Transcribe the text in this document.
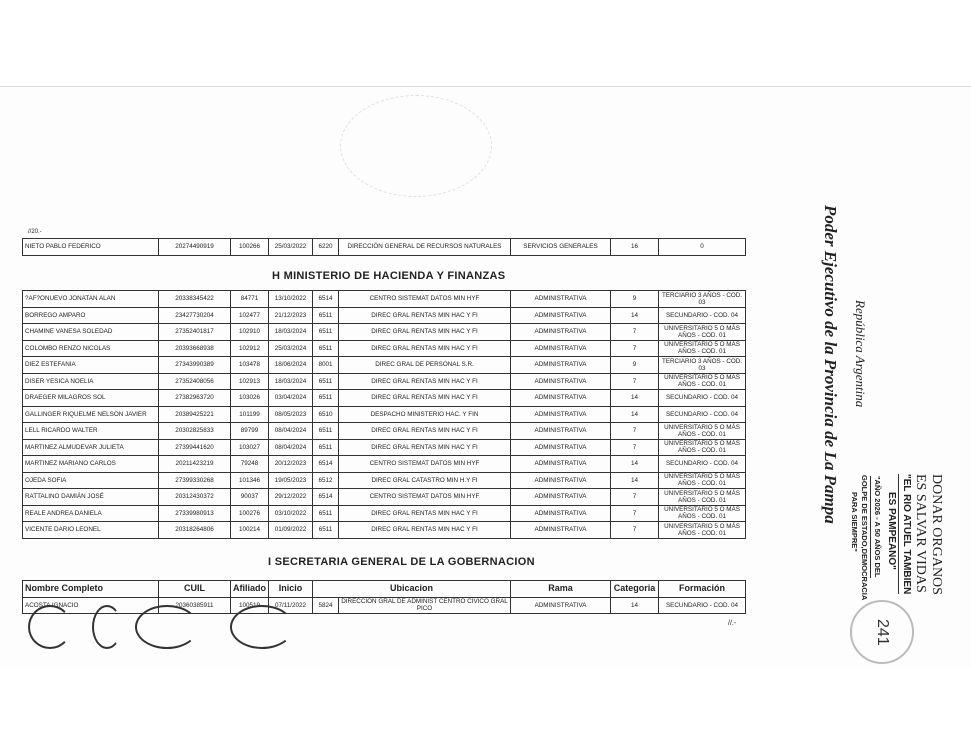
//20.-
NIETO PABLO FEDERICO	20274490919	100266	25/03/2022	6220	DIRECCIÓN GENERAL DE RECURSOS NATURALES	SERVICIOS GENERALES	16	0
H MINISTERIO DE HACIENDA Y FINANZAS
?AF?ONUEVO JONATAN ALAN	20338345422	84771	13/10/2022	6514	CENTRO SISTEMAT DATOS MIN HYF	ADMINISTRATIVA	9	TERCIARIO 3 AÑOS - COD. 03
BORREGO AMPARO	23427730204	102477	21/12/2023	6511	DIREC GRAL RENTAS MIN HAC Y FI	ADMINISTRATIVA	14	SECUNDARIO - COD. 04
CHAMINE VANESA SOLEDAD	27352401817	102910	18/03/2024	6511	DIREC GRAL RENTAS MIN HAC Y FI	ADMINISTRATIVA	7	UNIVERSITARIO 5 O MÁS AÑOS - COD. 01
COLOMBO RENZO NICOLAS	20393668938	102912	25/03/2024	6511	DIREC GRAL RENTAS MIN HAC Y FI	ADMINISTRATIVA	7	UNIVERSITARIO 5 O MÁS AÑOS - COD. 01
DIEZ ESTEFANIA	27343990389	103478	18/06/2024	8001	DIREC GRAL DE PERSONAL S.R.	ADMINISTRATIVA	9	TERCIARIO 3 AÑOS - COD. 03
DISER YESICA NOELIA	27352408056	102913	18/03/2024	6511	DIREC GRAL RENTAS MIN HAC Y FI	ADMINISTRATIVA	7	UNIVERSITARIO 5 O MÁS AÑOS - COD. 01
DRAEGER MILAGROS SOL	27382963720	103026	03/04/2024	6511	DIREC GRAL RENTAS MIN HAC Y FI	ADMINISTRATIVA	14	SECUNDARIO - COD. 04
GALLINGER RIQUELME NELSON JAVIER	20389425221	101199	08/05/2023	6510	DESPACHO MINISTERIO HAC. Y FIN	ADMINISTRATIVA	14	SECUNDARIO - COD. 04
LELL RICARDO WALTER	20302825833	89799	08/04/2024	6511	DIREC GRAL RENTAS MIN HAC Y FI	ADMINISTRATIVA	7	UNIVERSITARIO 5 O MÁS AÑOS - COD. 01
MARTINEZ ALMUDEVAR JULIETA	27399441620	103027	08/04/2024	6511	DIREC GRAL RENTAS MIN HAC Y FI	ADMINISTRATIVA	7	UNIVERSITARIO 5 O MÁS AÑOS - COD. 01
MARTINEZ MARIANO CARLOS	20211423219	79248	20/12/2023	6514	CENTRO SISTEMAT DATOS MIN HYF	ADMINISTRATIVA	14	SECUNDARIO - COD. 04
OJEDA SOFIA	27399330268	101346	19/05/2023	6512	DIREC GRAL CATASTRO MIN H.Y FI	ADMINISTRATIVA	14	UNIVERSITARIO 5 O MÁS AÑOS - COD. 01
RATTALINO DAMIÁN JOSÉ	20312430372	90037	29/12/2022	6514	CENTRO SISTEMAT DATOS MIN HYF	ADMINISTRATIVA	7	UNIVERSITARIO 5 O MÁS AÑOS - COD. 01
REALE ANDREA DANIELA	27339980913	100276	03/10/2022	6511	DIREC GRAL RENTAS MIN HAC Y FI	ADMINISTRATIVA	7	UNIVERSITARIO 5 O MÁS AÑOS - COD. 01
VICENTE DARIO LEONEL	20318264806	100214	01/09/2022	6511	DIREC GRAL RENTAS MIN HAC Y FI	ADMINISTRATIVA	7	UNIVERSITARIO 5 O MÁS AÑOS - COD. 01
I SECRETARIA GENERAL DE LA GOBERNACION
Nombre Completo	CUIL	Afiliado	Inicio	Ubicacion		Rama	Categoria	Formación
ACOSTA IGNACIO	20360385911	100519	07/11/2022	5824	DIRECCION GRAL DE ADMINIST CENTRO CIVICO GRAL PICO	ADMINISTRATIVA	14	SECUNDARIO - COD. 04
//.-
Poder Ejecutivo de la Provincia de La Pampa República Argentina
DONAR ORGANOS
ES SALVAR VIDAS
"EL RIO ATUEL TAMBIEN
ES PAMPEANO"
"AÑO 2026 - A 50 AÑOS DEL
GOLPE DE ESTADO,DEMOCRACIA
PARA SIEMPRE"
241
